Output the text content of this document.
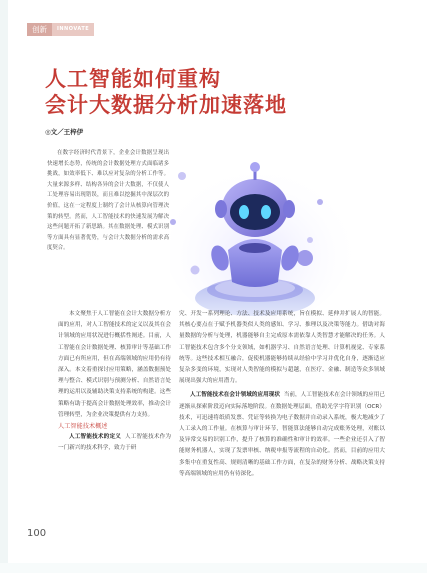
创新	INNOVATE
人工智能如何重构
会计大数据分析加速落地
◎文／王梓伊

在数字经济时代背景下，企业会计数据呈现出快速增长态势，传统的会计数据处理方式面临诸多挑战，如效率低下、难以应对复杂的分析工作等。大量来源多样、结构各异的会计大数据，不仅使人工处理容易出现错误，而且难以挖掘其中深层次的价值，这在一定程度上制约了会计从核算向管理决策的转型。然而，人工智能技术的快速发展为解决这些问题开拓了新思路。其在数据处理、模式识别等方面具有显著优势，与会计大数据分析的需求高度契合。

本文聚焦于人工智能在会计大数据分析方面的应用，对人工智能技术的定义以及其在会计领域的应用状况进行概括性阐述。目前，人工智能在会计数据处理、核算审计等基础工作方面已有所应用，但在高端领域的应用仍有待深入。本文着重探讨应用策略，涵盖数据预处理与整合、模式识别与预测分析、自然语言处理的运用以及辅助决策支持系统的构建。这些策略有助于提高会计数据处理效率，推动会计管理转型，为企业决策提供有力支持。

人工智能技术概述

人工智能技术的定义 人工智能技术作为一门新兴的技术科学，致力于研

究、开发一系列理论、方法、技术及应用系统，旨在模拟、延伸并扩展人的智能。其核心要点在于赋予机器类似人类的感知、学习、推理以及决策等能力。借助对海量数据的分析与处理，机器能够自主完成原本需依靠人类智慧才能解决的任务。人工智能技术包含多个分支领域，如机器学习、自然语言处理、计算机视觉、专家系统等。这些技术相互融合，促使机器能够持续从经验中学习并优化自身，逐渐适应复杂多变的环境，实现对人类智能的模拟与超越，在医疗、金融、制造等众多领域展现出强大的应用潜力。

人工智能技术在会计领域的应用现状 当前，人工智能技术在会计领域的应用已逐渐从探索阶段迈向实际落地阶段。在数据处理层面，借助光学字符识别（OCR）技术，可迅速将纸质发票、凭证等转换为电子数据并自动录入系统，极大地减少了人工录入的工作量。在核算与审计环节，智能算法能够自动完成账务处理，对账以及异常交易的识别工作，提升了核算的准确性和审计的效率。一些企业还引入了智能财务机器人，实现了发票审核、纳税申报等流程的自动化。然而，目前的应用大多集中在重复性高、规则清晰的基础工作方面，在复杂的财务分析、战略决策支持等高端领域的应用仍有待深化。

100
